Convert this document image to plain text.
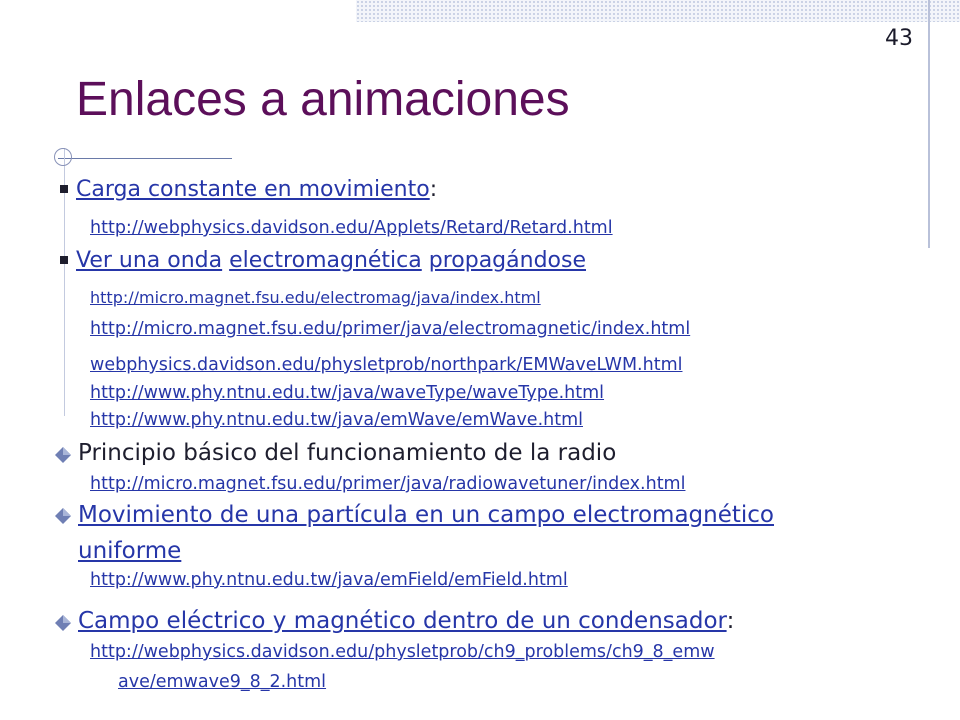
43
Enlaces a animaciones
Carga constante en movimiento:
http://webphysics.davidson.edu/Applets/Retard/Retard.html
Ver una onda electromagnética propagándose
http://micro.magnet.fsu.edu/electromag/java/index.html
http://micro.magnet.fsu.edu/primer/java/electromagnetic/index.html
webphysics.davidson.edu/physletprob/northpark/EMWaveLWM.html
http://www.phy.ntnu.edu.tw/java/waveType/waveType.html
http://www.phy.ntnu.edu.tw/java/emWave/emWave.html
Principio básico del funcionamiento de la radio
http://micro.magnet.fsu.edu/primer/java/radiowavetuner/index.html
Movimiento de una partícula en un campo electromagnético
uniforme
http://www.phy.ntnu.edu.tw/java/emField/emField.html
Campo eléctrico y magnético dentro de un condensador:
http://webphysics.davidson.edu/physletprob/ch9_problems/ch9_8_emw
ave/emwave9_8_2.html
